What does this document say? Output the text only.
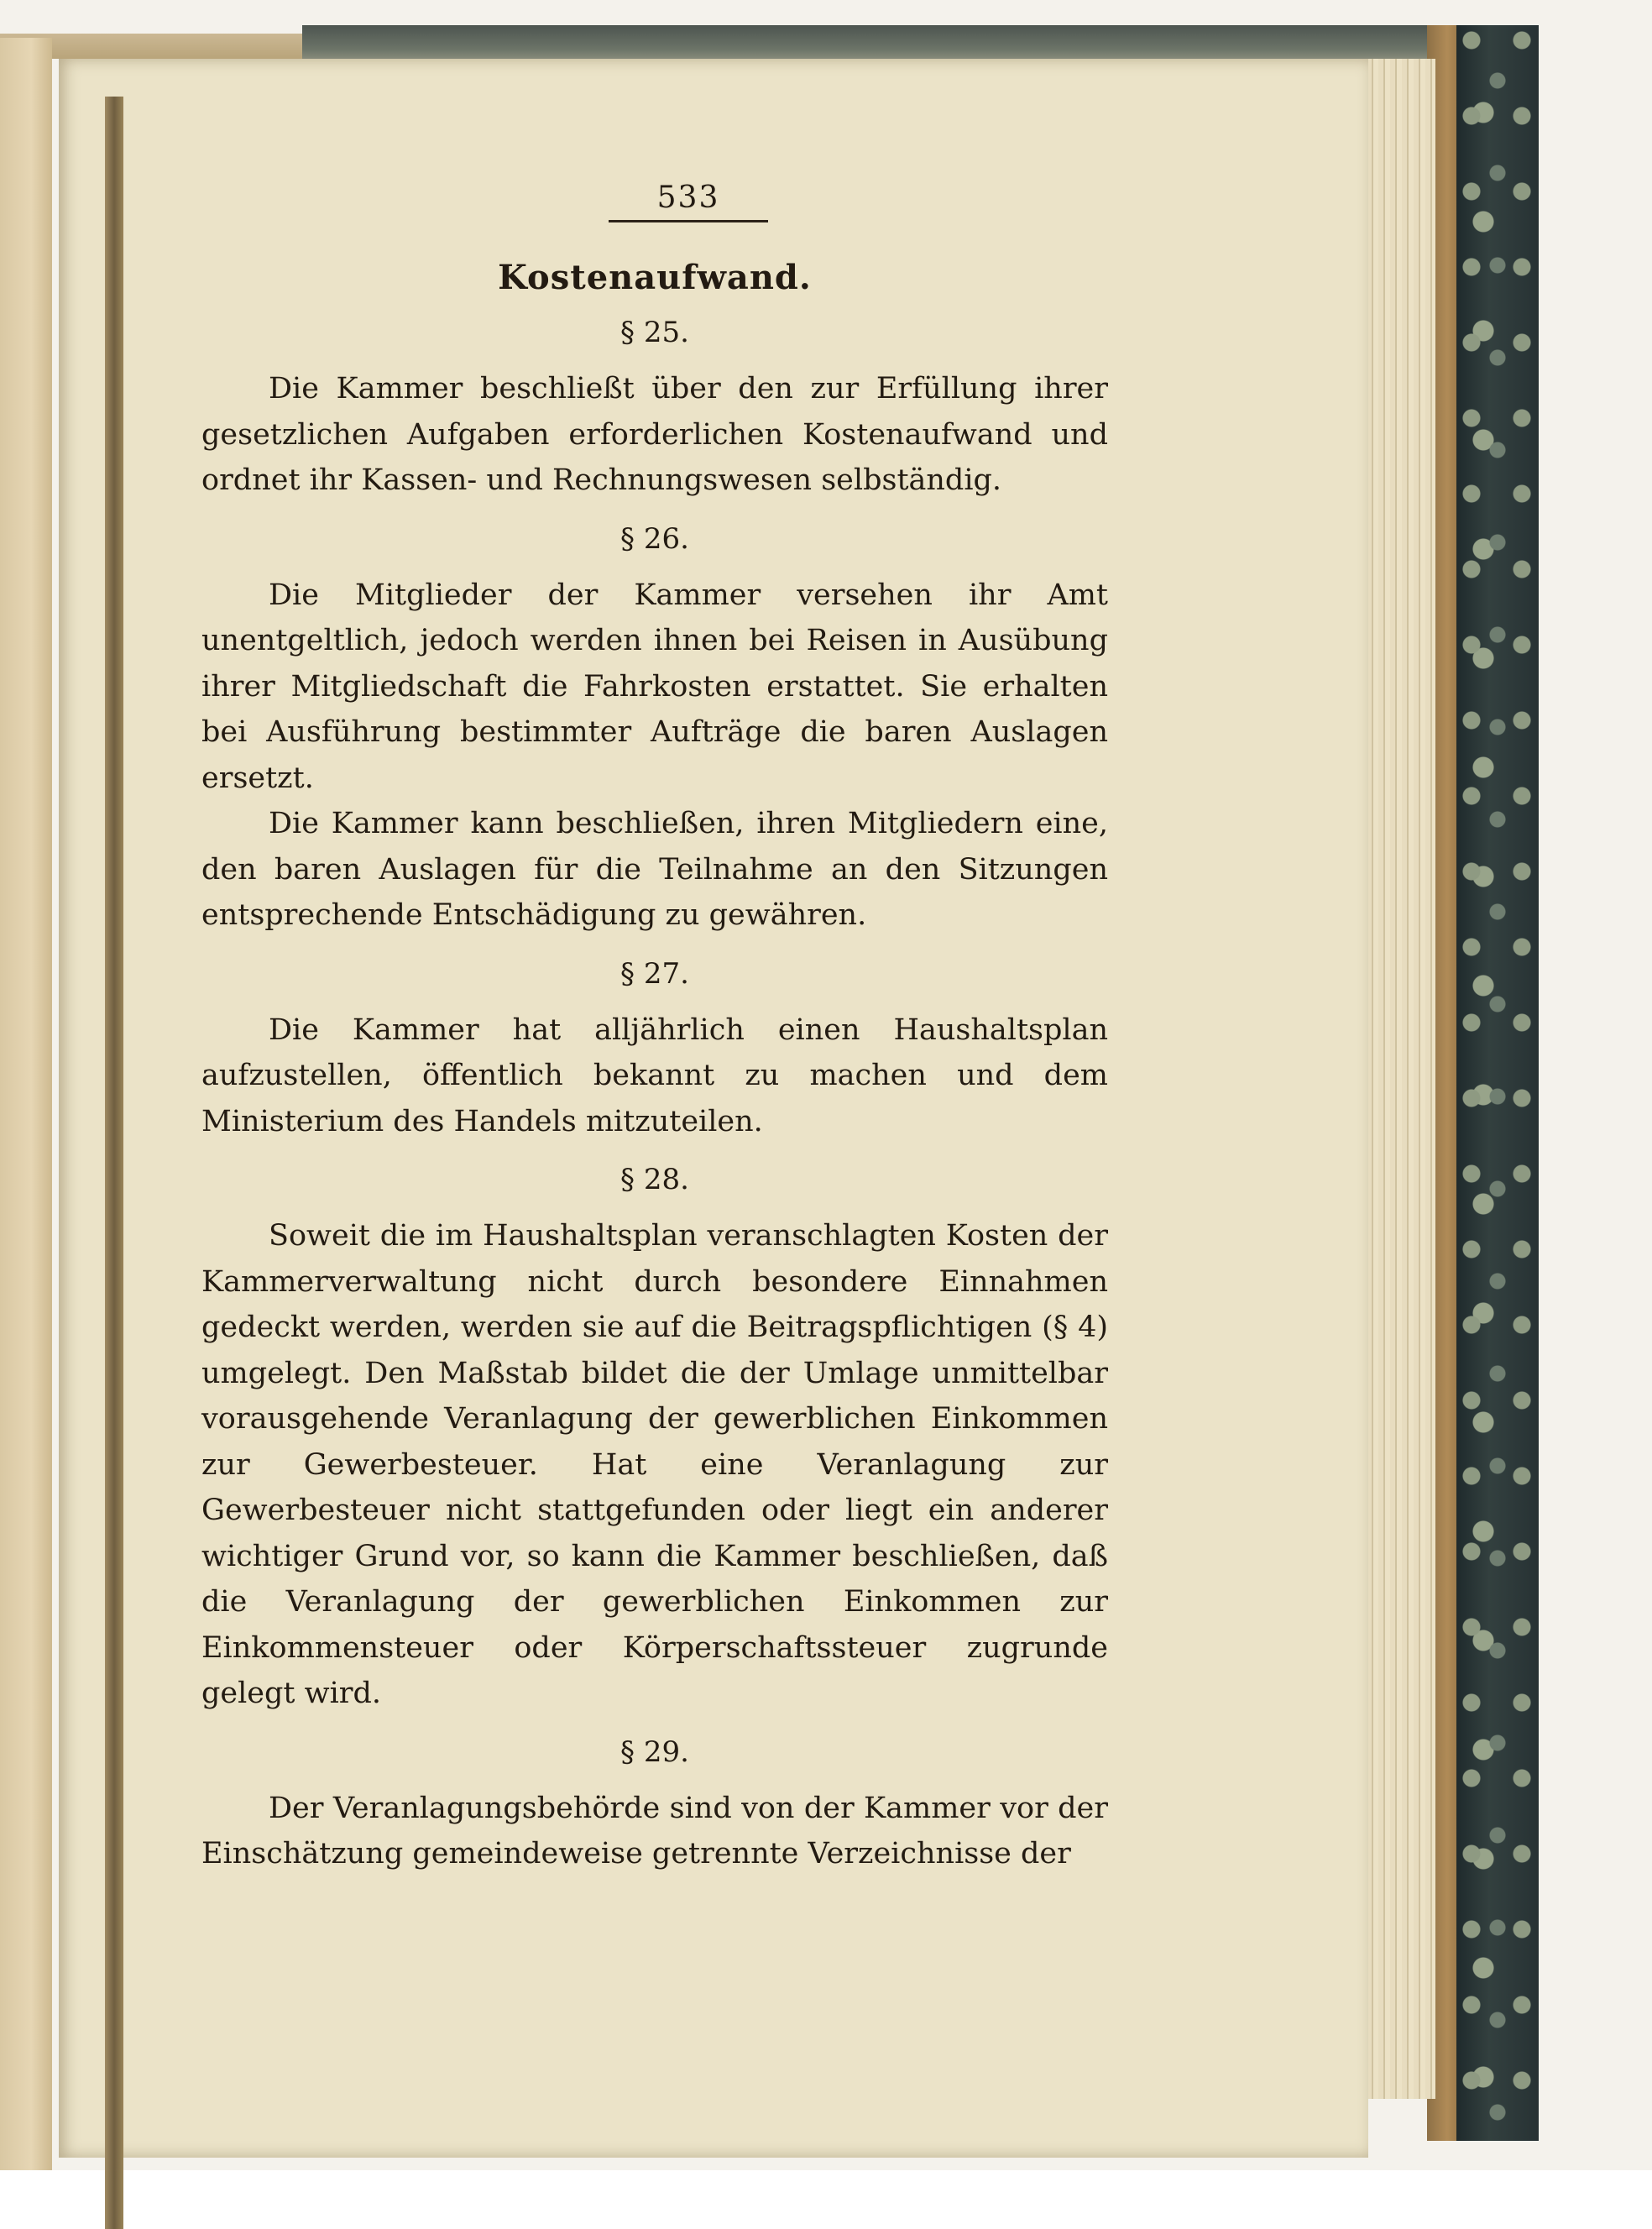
533
Kostenaufwand.
§ 25.

Die Kammer beschließt über den zur Erfüllung ihrer gesetzlichen Aufgaben erforderlichen Kostenaufwand und ordnet ihr Kassen- und Rechnungswesen selbständig.

§ 26.

Die Mitglieder der Kammer versehen ihr Amt unentgeltlich, jedoch werden ihnen bei Reisen in Ausübung ihrer Mitgliedschaft die Fahrkosten erstattet. Sie erhalten bei Ausführung bestimmter Aufträge die baren Auslagen ersetzt.

Die Kammer kann beschließen, ihren Mitgliedern eine, den baren Auslagen für die Teilnahme an den Sitzungen entsprechende Entschädigung zu gewähren.

§ 27.

Die Kammer hat alljährlich einen Haushaltsplan aufzustellen, öffentlich bekannt zu machen und dem Ministerium des Handels mitzuteilen.

§ 28.

Soweit die im Haushaltsplan veranschlagten Kosten der Kammerverwaltung nicht durch besondere Einnahmen gedeckt werden, werden sie auf die Beitragspflichtigen (§ 4) umgelegt. Den Maßstab bildet die der Umlage unmittelbar vorausgehende Veranlagung der gewerblichen Einkommen zur Gewerbesteuer. Hat eine Veranlagung zur Gewerbesteuer nicht stattgefunden oder liegt ein anderer wichtiger Grund vor, so kann die Kammer beschließen, daß die Veranlagung der gewerblichen Einkommen zur Einkommensteuer oder Körperschaftssteuer zugrunde gelegt wird.

§ 29.

Der Veranlagungsbehörde sind von der Kammer vor der Einschätzung gemeindeweise getrennte Verzeichnisse der
